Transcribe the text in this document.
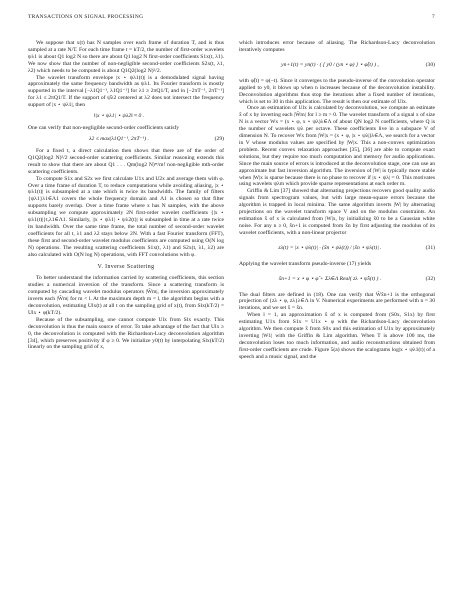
TRANSACTIONS ON SIGNAL PROCESSING	7

We suppose that x(t) has N samples over each frame of duration T, and is thus sampled at a rate N/T. For each time frame t = kT/2, the number of first-order wavelets ψλ1 is about Q1 log2 N so there are about Q1 log2 N first-order coefficients S1x(t, λ1). We now show that the number of non-negligible second-order coefficients S2x(t, λ1, λ2) which needs to be computed is about Q1Q2(log2 N)²/2.

The wavelet transform envelope |x ⋆ ψλ1(t)| is a demodulated signal having approximately the same frequency bandwidth as ψλ1. Its Fourier transform is mostly supported in the interval [−λ1Q1⁻¹, λ1Q1⁻¹] for λ1 ≥ 2πQ1/T, and in [−2πT⁻¹, 2πT⁻¹] for λ1 ≤ 2πQ1/T. If the support of ψ̂λ2 centered at λ2 does not intersect the frequency support of |x ⋆ ψλ1|, then

‖|x ⋆ ψλ1| ⋆ ψλ2‖ ≈ 0 .

One can verify that non-negligible second-order coefficients satisfy

λ2 ≤ max(λ1Q1⁻¹, 2πT⁻¹) .	(29)

For a fixed t, a direct calculation then shows that there are of the order of Q1Q2(log2 N)²/2 second-order scattering coefficients. Similar reasoning extends this result to show that there are about Q1 . . . Qm(log2 N)ᵐ/m! non-negligible mth-order scattering coefficients.

To compute S1x and S2x we first calculate U1x and U2x and average them with φ. Over a time frame of duration T, to reduce computations while avoiding aliasing, |x ⋆ ψλ1(t)| is subsampled at a rate which is twice its bandwidth. The family of filters {ψλ1}λ1∈Λ1 covers the whole frequency domain and Λ1 is chosen so that filter supports barely overlap. Over a time frame where x has N samples, with the above subsampling we compute approximately 2N first-order wavelet coefficients {|x ⋆ ψλ1(t)|}t,λ1∈Λ1. Similarly, ||x ⋆ ψλ1| ⋆ ψλ2(t)| is subsampled in time at a rate twice its bandwidth. Over the same time frame, the total number of second-order wavelet coefficients for all t, λ1 and λ2 stays below 2N. With a fast Fourier transform (FFT), these first and second-order wavelet modulus coefficients are computed using O(N log N) operations. The resulting scattering coefficients S1x(t, λ1) and S2x(t, λ1, λ2) are also calculated with O(N log N) operations, with FFT convolutions with φ.

V. Inverse Scattering

To better understand the information carried by scattering coefficients, this section studies a numerical inversion of the transform. Since a scattering transform is computed by cascading wavelet modulus operators |W̃m|, the inversion approximately inverts each |W̃m| for m < l. At the maximum depth m = l, the algorithm begins with a deconvolution, estimating Ulx(t) at all t on the sampling grid of x(t), from Slx(kT/2) = Ulx ⋆ φ(kT/2).

Because of the subsampling, one cannot compute Ulx from Slx exactly. This deconvolution is thus the main source of error. To take advantage of the fact that Ulx ≥ 0, the deconvolution is computed with the Richardson-Lucy deconvolution algorithm [34], which preserves positivity if φ ≥ 0. We initialize y0(t) by interpolating Slx(kT/2) linearly on the sampling grid of x,

which introduces error because of aliasing. The Richardson-Lucy deconvolution iteratively computes

yn+1(t) = yn(t) · ( [ y0 / (yn ⋆ φ) ] ⋆ φ̃(t) ) ,	(30)

with φ̃(t) = φ(−t). Since it converges to the pseudo-inverse of the convolution operator applied to y0, it blows up when n increases because of the deconvolution instability. Deconvolution algorithms thus stop the iterations after a fixed number of iterations, which is set to 30 in this application. The result is then our estimate of Ulx.

Once an estimation of Ulx is calculated by deconvolution, we compute an estimate x̃ of x by inverting each |W̃m| for l ≥ m > 0. The wavelet transform of a signal x of size N is a vector Wx = (x ⋆ φ, x ⋆ ψλ)λ∈Λ of about QN log2 N coefficients, where Q is the number of wavelets ψλ per octave. These coefficients live in a subspace V of dimension N. To recover Wx from |W|x = (x ⋆ φ, |x ⋆ ψλ|)λ∈Λ, we search for a vector in V whose modulus values are specified by |W|x. This a non-convex optimization problem. Recent convex relaxation approaches [35], [36] are able to compute exact solutions, but they require too much computation and memory for audio applications. Since the main source of errors is introduced at the deconvolution stage, one can use an approximate but fast inversion algorithm. The inversion of |W| is typically more stable when |W|x is sparse because there is no phase to recover if |x ⋆ ψλ| = 0. This motivates using wavelets ψλm which provide sparse representations at each order m.

Griffin & Lim [37] showed that alternating projections recovers good quality audio signals from spectrogram values, but with large mean-square errors because the algorithm is trapped in local minima. The same algorithm inverts |W| by alternating projections on the wavelet transform space V and on the modulus constraints. An estimation x̃ of x is calculated from |W|x, by initializing x̃0 to be a Gaussian white noise. For any n ≥ 0, x̃n+1 is computed from x̃n by first adjusting the modulus of its wavelet coefficients, with a non-linear projector

zλ(t) = |x ⋆ ψλ(t)| · (x̃n ⋆ ψλ(t)) / |x̃n ⋆ ψλ(t)| .	(31)

Applying the wavelet transform pseudo-inverse (17) yields

x̃n+1 = x ⋆ φ ⋆ φ̃ + Σλ∈Λ Real( zλ ⋆ ψ̃λ(t) ) .	(32)

The dual filters are defined in (18). One can verify that W̃x̃n+1 is the orthogonal projection of {zλ ⋆ φ, zλ}λ∈Λ in V. Numerical experiments are performed with n = 30 iterations, and we set x̃ = x̃n.

When l = 1, an approximation x̃ of x is computed from (S0x, S1x) by first estimating U1x from S1x = U1x ⋆ φ with the Richardson-Lucy deconvolution algorithm. We then compute x̃ from S0x and this estimation of U1x by approximately inverting |W1| with the Griffin & Lim algorithm. When T is above 100 ms, the deconvolution loses too much information, and audio reconstructions obtained from first-order coefficients are crude. Figure 5(a) shows the scalograms log|x ⋆ ψλ1(t)| of a speech and a music signal, and the
